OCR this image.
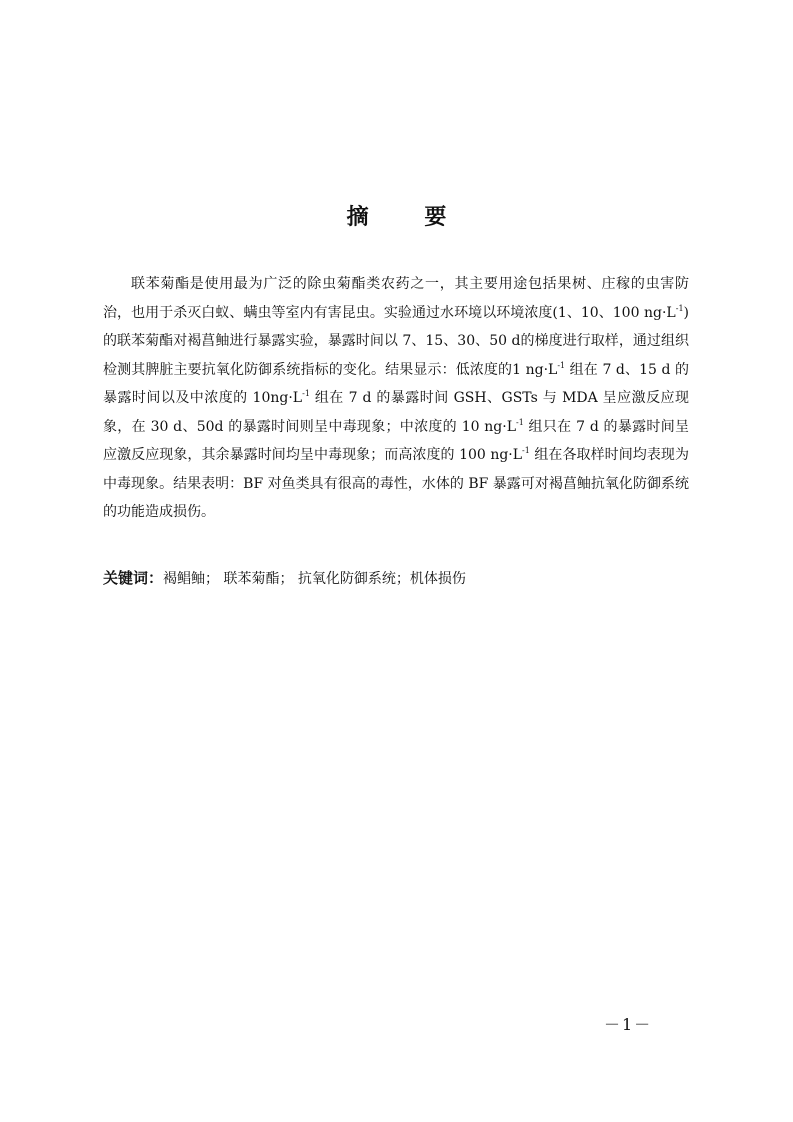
摘 要
联苯菊酯是使用最为广泛的除虫菊酯类农药之一，其主要用途包括果树、庄稼的虫害防治，也用于杀灭白蚁、螨虫等室内有害昆虫。实验通过水环境以环境浓度(1、10、100 $ng\cdot L^{-1}$)的联苯菊酯对褐菖鲉进行暴露实验，暴露时间以 7、15、30、50 d的梯度进行取样，通过组织检测其脾脏主要抗氧化防御系统指标的变化。结果显示：低浓度的1 $ng\cdot L^{-1}$ 组在 7 d、15 d 的暴露时间以及中浓度的 $10ng\cdot L^{-1}$ 组在 7 d 的暴露时间 GSH、GSTs 与 MDA 呈应激反应现象，在 30 d、50d 的暴露时间则呈中毒现象；中浓度的 10 $ng\cdot L^{-1}$ 组只在 7 d 的暴露时间呈应激反应现象，其余暴露时间均呈中毒现象；而高浓度的 100 $ng\cdot L^{-1}$ 组在各取样时间均表现为中毒现象。结果表明：BF 对鱼类具有很高的毒性，水体的 BF 暴露可对褐菖鲉抗氧化防御系统的功能造成损伤。
关键词：褐鲳鲉； 联苯菊酯； 抗氧化防御系统；机体损伤
－1－
